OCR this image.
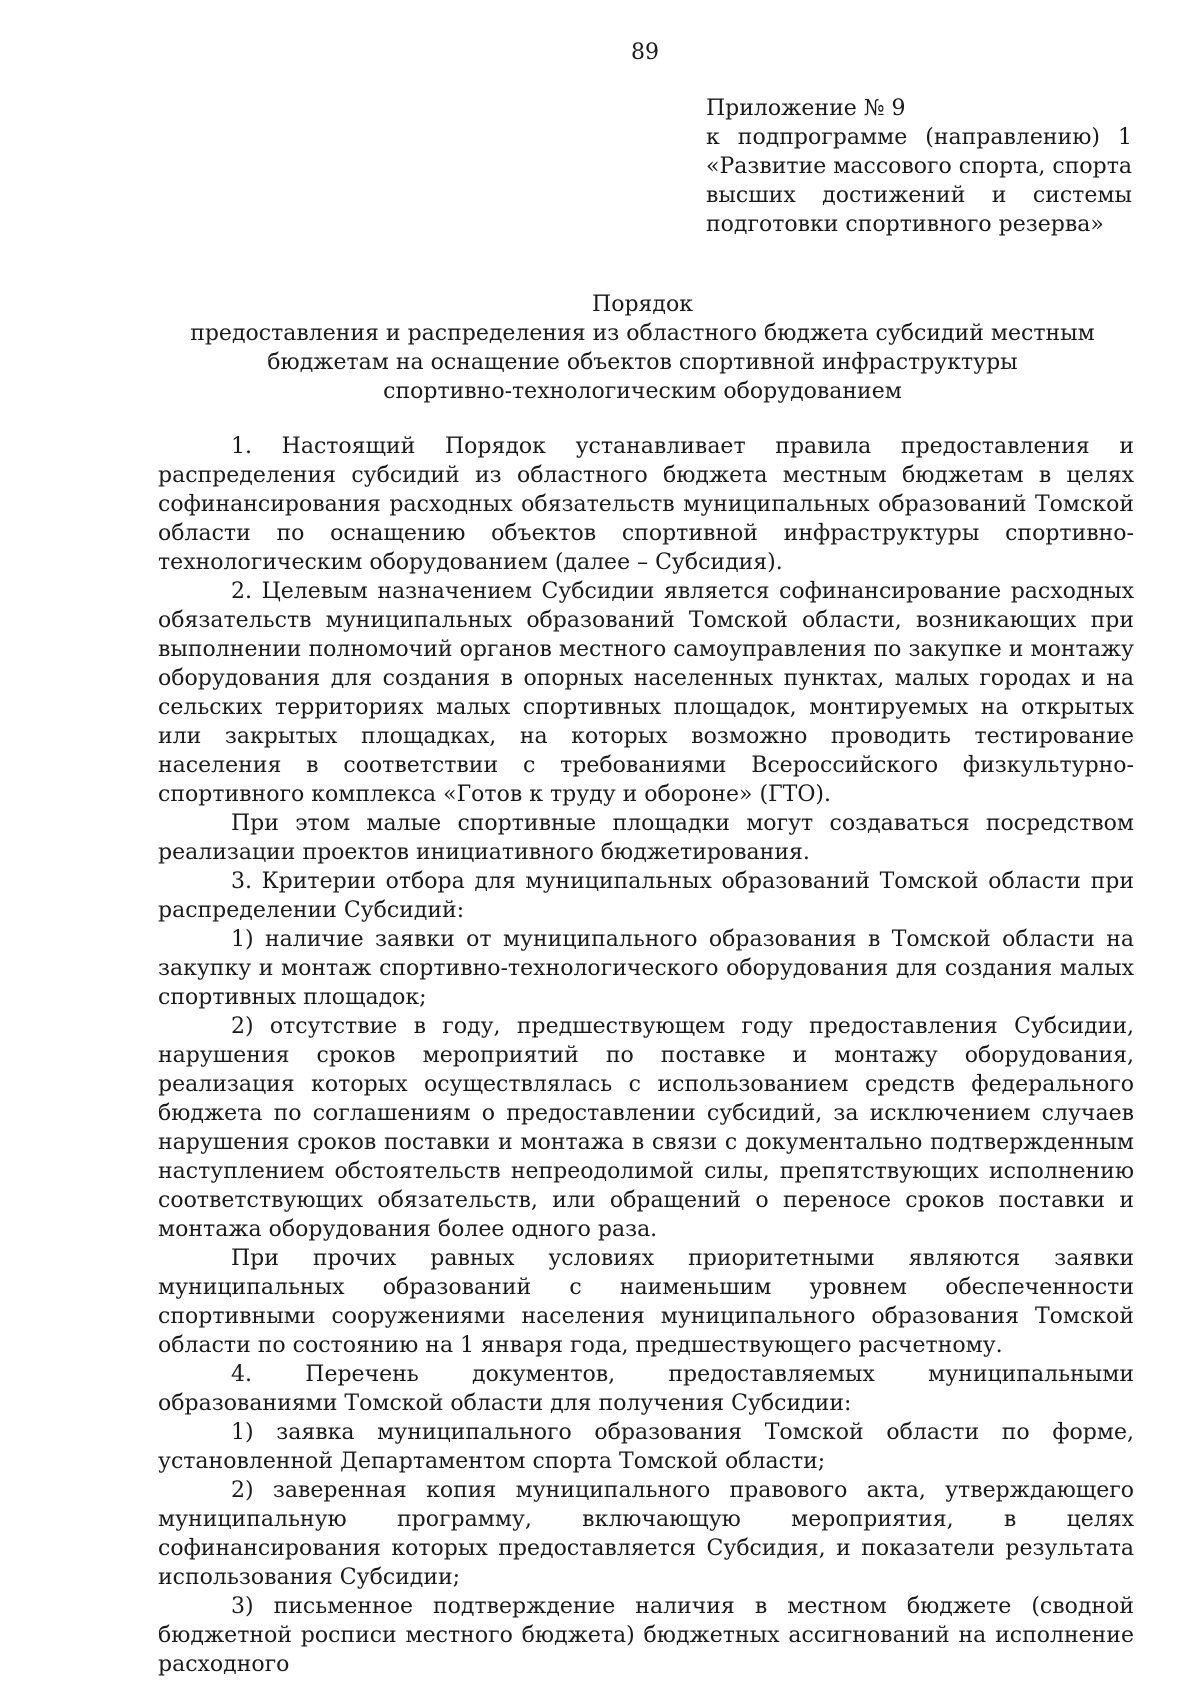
89
Приложение № 9
к подпрограмме (направлению) 1 «Развитие массового спорта, спорта высших достижений и системы подготовки спортивного резерва»
Порядок
предоставления и распределения из областного бюджета субсидий местным
бюджетам на оснащение объектов спортивной инфраструктуры
спортивно-технологическим оборудованием

1. Настоящий Порядок устанавливает правила предоставления и распределения субсидий из областного бюджета местным бюджетам в целях софинансирования расходных обязательств муниципальных образований Томской области по оснащению объектов спортивной инфраструктуры спортивно-технологическим оборудованием (далее – Субсидия).

2. Целевым назначением Субсидии является софинансирование расходных обязательств муниципальных образований Томской области, возникающих при выполнении полномочий органов местного самоуправления по закупке и монтажу оборудования для создания в опорных населенных пунктах, малых городах и на сельских территориях малых спортивных площадок, монтируемых на открытых или закрытых площадках, на которых возможно проводить тестирование населения в соответствии с требованиями Всероссийского физкультурно-спортивного комплекса «Готов к труду и обороне» (ГТО).

При этом малые спортивные площадки могут создаваться посредством реализации проектов инициативного бюджетирования.

3. Критерии отбора для муниципальных образований Томской области при распределении Субсидий:

1) наличие заявки от муниципального образования в Томской области на закупку и монтаж спортивно-технологического оборудования для создания малых спортивных площадок;

2) отсутствие в году, предшествующем году предоставления Субсидии, нарушения сроков мероприятий по поставке и монтажу оборудования, реализация которых осуществлялась с использованием средств федерального бюджета по соглашениям о предоставлении субсидий, за исключением случаев нарушения сроков поставки и монтажа в связи с документально подтвержденным наступлением обстоятельств непреодолимой силы, препятствующих исполнению соответствующих обязательств, или обращений о переносе сроков поставки и монтажа оборудования более одного раза.

При прочих равных условиях приоритетными являются заявки муниципальных образований с наименьшим уровнем обеспеченности спортивными сооружениями населения муниципального образования Томской области по состоянию на 1 января года, предшествующего расчетному.

4. Перечень документов, предоставляемых муниципальными образованиями Томской области для получения Субсидии:

1) заявка муниципального образования Томской области по форме, установленной Департаментом спорта Томской области;

2) заверенная копия муниципального правового акта, утверждающего муниципальную программу, включающую мероприятия, в целях софинансирования которых предоставляется Субсидия, и показатели результата использования Субсидии;

3) письменное подтверждение наличия в местном бюджете (сводной бюджетной росписи местного бюджета) бюджетных ассигнований на исполнение расходного
